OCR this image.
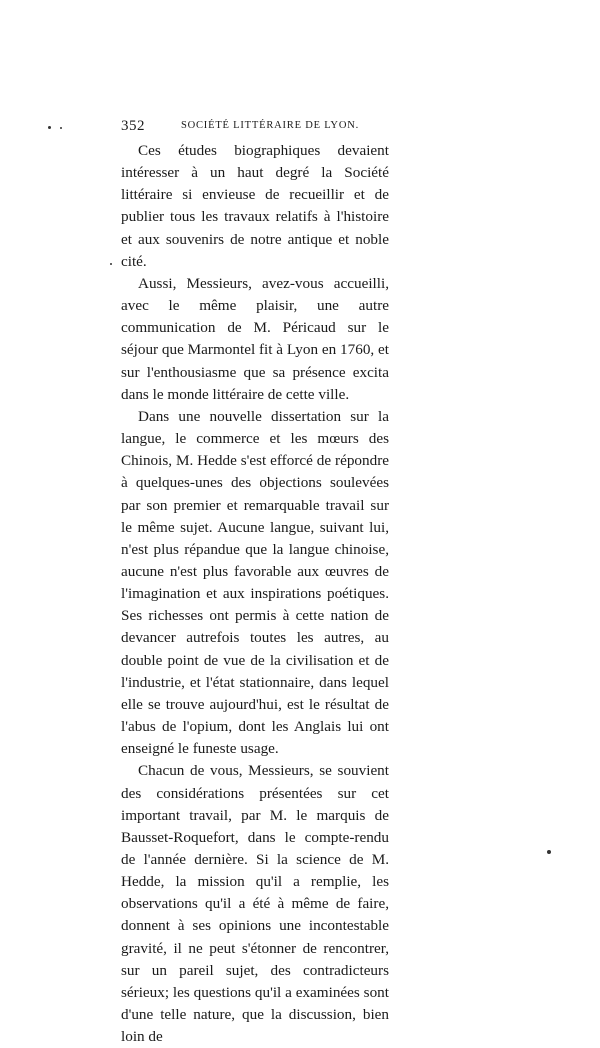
352	SOCIÉTÉ LITTÉRAIRE DE LYON.

Ces études biographiques devaient intéresser à un haut degré la Société littéraire si envieuse de recueillir et de publier tous les travaux relatifs à l'histoire et aux souvenirs de notre antique et noble cité.

Aussi, Messieurs, avez-vous accueilli, avec le même plaisir, une autre communication de M. Péricaud sur le séjour que Marmontel fit à Lyon en 1760, et sur l'enthousiasme que sa présence excita dans le monde littéraire de cette ville.

Dans une nouvelle dissertation sur la langue, le commerce et les mœurs des Chinois, M. Hedde s'est efforcé de répondre à quelques-unes des objections soulevées par son premier et remarquable travail sur le même sujet. Aucune langue, suivant lui, n'est plus répandue que la langue chinoise, aucune n'est plus favorable aux œuvres de l'imagination et aux inspirations poétiques. Ses richesses ont permis à cette nation de devancer autrefois toutes les autres, au double point de vue de la civilisation et de l'industrie, et l'état stationnaire, dans lequel elle se trouve aujourd'hui, est le résultat de l'abus de l'opium, dont les Anglais lui ont enseigné le funeste usage.

Chacun de vous, Messieurs, se souvient des considérations présentées sur cet important travail, par M. le marquis de Bausset-Roquefort, dans le compte-rendu de l'année dernière. Si la science de M. Hedde, la mission qu'il a remplie, les observations qu'il a été à même de faire, donnent à ses opinions une incontestable gravité, il ne peut s'étonner de rencontrer, sur un pareil sujet, des contradicteurs sérieux; les questions qu'il a examinées sont d'une telle nature, que la discussion, bien loin de
